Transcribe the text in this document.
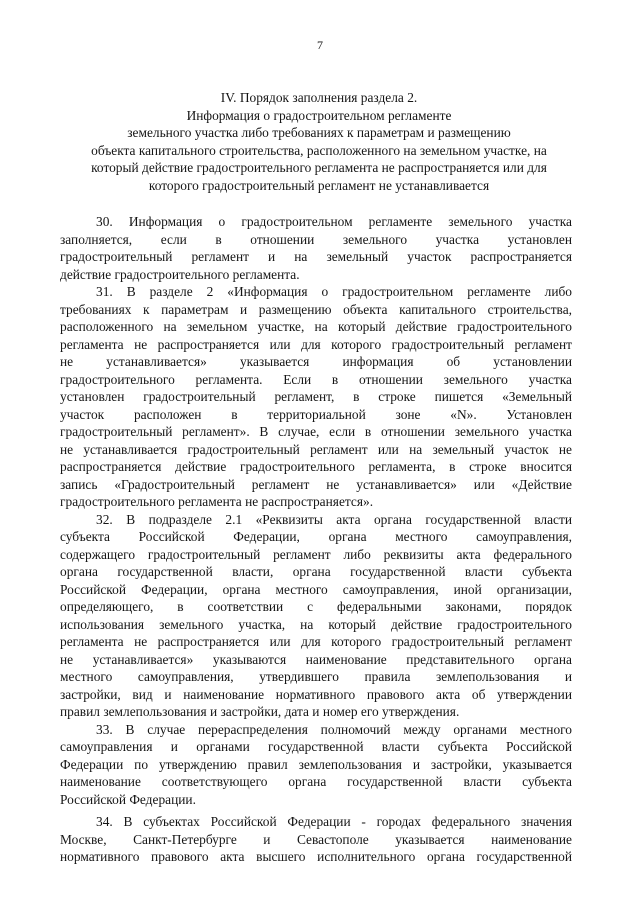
7
IV. Порядок заполнения раздела 2.
Информация о градостроительном регламенте
земельного участка либо требованиях к параметрам и размещению
объекта капитального строительства, расположенного на земельном участке, на
который действие градостроительного регламента не распространяется или для
которого градостроительный регламент не устанавливается
30. Информация о градостроительном регламенте земельного участка
заполняется, если в отношении земельного участка установлен
градостроительный регламент и на земельный участок распространяется
действие градостроительного регламента.
31. В разделе 2 «Информация о градостроительном регламенте либо
требованиях к параметрам и размещению объекта капитального строительства,
расположенного на земельном участке, на который действие градостроительного
регламента не распространяется или для которого градостроительный регламент
не устанавливается» указывается информация об установлении
градостроительного регламента. Если в отношении земельного участка
установлен градостроительный регламент, в строке пишется «Земельный
участок расположен в территориальной зоне «N». Установлен
градостроительный регламент». В случае, если в отношении земельного участка
не устанавливается градостроительный регламент или на земельный участок не
распространяется действие градостроительного регламента, в строке вносится
запись «Градостроительный регламент не устанавливается» или «Действие
градостроительного регламента не распространяется».
32. В подразделе 2.1 «Реквизиты акта органа государственной власти
субъекта Российской Федерации, органа местного самоуправления,
содержащего градостроительный регламент либо реквизиты акта федерального
органа государственной власти, органа государственной власти субъекта
Российской Федерации, органа местного самоуправления, иной организации,
определяющего, в соответствии с федеральными законами, порядок
использования земельного участка, на который действие градостроительного
регламента не распространяется или для которого градостроительный регламент
не устанавливается» указываются наименование представительного органа
местного самоуправления, утвердившего правила землепользования и
застройки, вид и наименование нормативного правового акта об утверждении
правил землепользования и застройки, дата и номер его утверждения.
33. В случае перераспределения полномочий между органами местного
самоуправления и органами государственной власти субъекта Российской
Федерации по утверждению правил землепользования и застройки, указывается
наименование соответствующего органа государственной власти субъекта
Российской Федерации.
34. В субъектах Российской Федерации - городах федерального значения
Москве, Санкт-Петербурге и Севастополе указывается наименование
нормативного правового акта высшего исполнительного органа государственной
